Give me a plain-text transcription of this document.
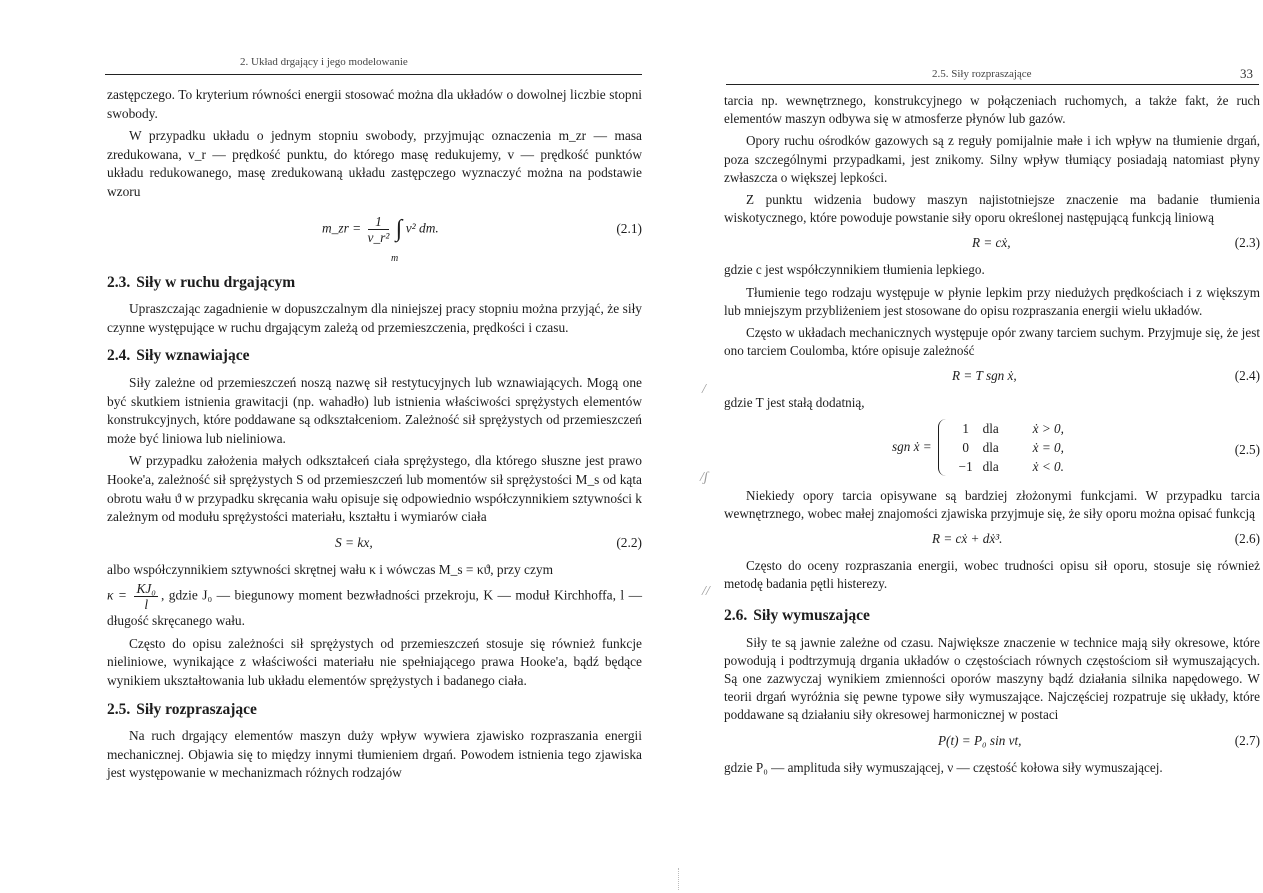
2. Układ drgający i jego modelowanie

zastępczego. To kryterium równości energii stosować można dla układów o dowolnej liczbie stopni swobody.

W przypadku układu o jednym stopniu swobody, przyjmując oznaczenia m_zr — masa zredukowana, v_r — prędkość punktu, do którego masę redukujemy, v — prędkość punktów układu redukowanego, masę zredukowaną układu zastępczego wyznaczyć można na podstawie wzoru

m_zr = $\frac{1}{\text{v\_r²}}$ ∫ v² dm.
m
(2.1)
2.3. Siły w ruchu drgającym

Upraszczając zagadnienie w dopuszczalnym dla niniejszej pracy stopniu można przyjąć, że siły czynne występujące w ruchu drgającym zależą od przemieszczenia, prędkości i czasu.

2.4. Siły wznawiające

Siły zależne od przemieszczeń noszą nazwę sił restytucyjnych lub wznawiających. Mogą one być skutkiem istnienia grawitacji (np. wahadło) lub istnienia właściwości sprężystych elementów konstrukcyjnych, które poddawane są odkształceniom. Zależność sił sprężystych od przemieszczeń może być liniowa lub nieliniowa.

W przypadku założenia małych odkształceń ciała sprężystego, dla którego słuszne jest prawo Hooke'a, zależność sił sprężystych S od przemieszczeń lub momentów sił sprężystości M_s od kąta obrotu wału ϑ w przypadku skręcania wału opisuje się odpowiednio współczynnikiem sztywności k zależnym od modułu sprężystości materiału, kształtu i wymiarów ciała

S = kx,	(2.2)

albo współczynnikiem sztywności skrętnej wału κ i wówczas M_s = κϑ, przy czym

$\kappa = \frac{\text{KJ₀}}{l}$ , gdzie J₀ — biegunowy moment bezwładności przekroju, K — moduł Kirchhoffa, l — długość skręcanego wału.

Często do opisu zależności sił sprężystych od przemieszczeń stosuje się również funkcje nieliniowe, wynikające z właściwości materiału nie spełniającego prawa Hooke'a, bądź będące wynikiem ukształtowania lub układu elementów sprężystych i badanego ciała.

2.5. Siły rozpraszające

Na ruch drgający elementów maszyn duży wpływ wywiera zjawisko rozpraszania energii mechanicznej. Objawia się to między innymi tłumieniem drgań. Powodem istnienia tego zjawiska jest występowanie w mechanizmach różnych rodzajów

2.5. Siły rozpraszające	33
/
/ʃ
//

tarcia np. wewnętrznego, konstrukcyjnego w połączeniach ruchomych, a także fakt, że ruch elementów maszyn odbywa się w atmosferze płynów lub gazów.

Opory ruchu ośrodków gazowych są z reguły pomijalnie małe i ich wpływ na tłumienie drgań, poza szczególnymi przypadkami, jest znikomy. Silny wpływ tłumiący posiadają natomiast płyny zwłaszcza o większej lepkości.

Z punktu widzenia budowy maszyn najistotniejsze znaczenie ma badanie tłumienia wiskotycznego, które powoduje powstanie siły oporu określonej następującą funkcją liniową

R = cẋ,	(2.3)

gdzie c jest współczynnikiem tłumienia lepkiego.

Tłumienie tego rodzaju występuje w płynie lepkim przy niedużych prędkościach i z większym lub mniejszym przybliżeniem jest stosowane do opisu rozpraszania energii wielu układów.

Często w układach mechanicznych występuje opór zwany tarciem suchym. Przyjmuje się, że jest ono tarciem Coulomba, które opisuje zależność

R = T sgn ẋ,	(2.4)

gdzie T jest stałą dodatnią,

sgn ẋ =
1	dla	ẋ > 0,
0	dla	ẋ = 0,
−1 dla	ẋ < 0.
(2.5)

Niekiedy opory tarcia opisywane są bardziej złożonymi funkcjami. W przypadku tarcia wewnętrznego, wobec małej znajomości zjawiska przyjmuje się, że siły oporu można opisać funkcją

R = cẋ + dẋ³.	(2.6)

Często do oceny rozpraszania energii, wobec trudności opisu sił oporu, stosuje się również metodę badania pętli histerezy.

2.6. Siły wymuszające

Siły te są jawnie zależne od czasu. Największe znaczenie w technice mają siły okresowe, które powodują i podtrzymują drgania układów o częstościach równych częstościom sił wymuszających. Są one zazwyczaj wynikiem zmienności oporów maszyny bądź działania silnika napędowego. W teorii drgań wyróżnia się pewne typowe siły wymuszające. Najczęściej rozpatruje się układy, które poddawane są działaniu siły okresowej harmonicznej w postaci

P(t) = P₀ sin νt,	(2.7)

gdzie P₀ — amplituda siły wymuszającej, ν — częstość kołowa siły wymuszającej.
